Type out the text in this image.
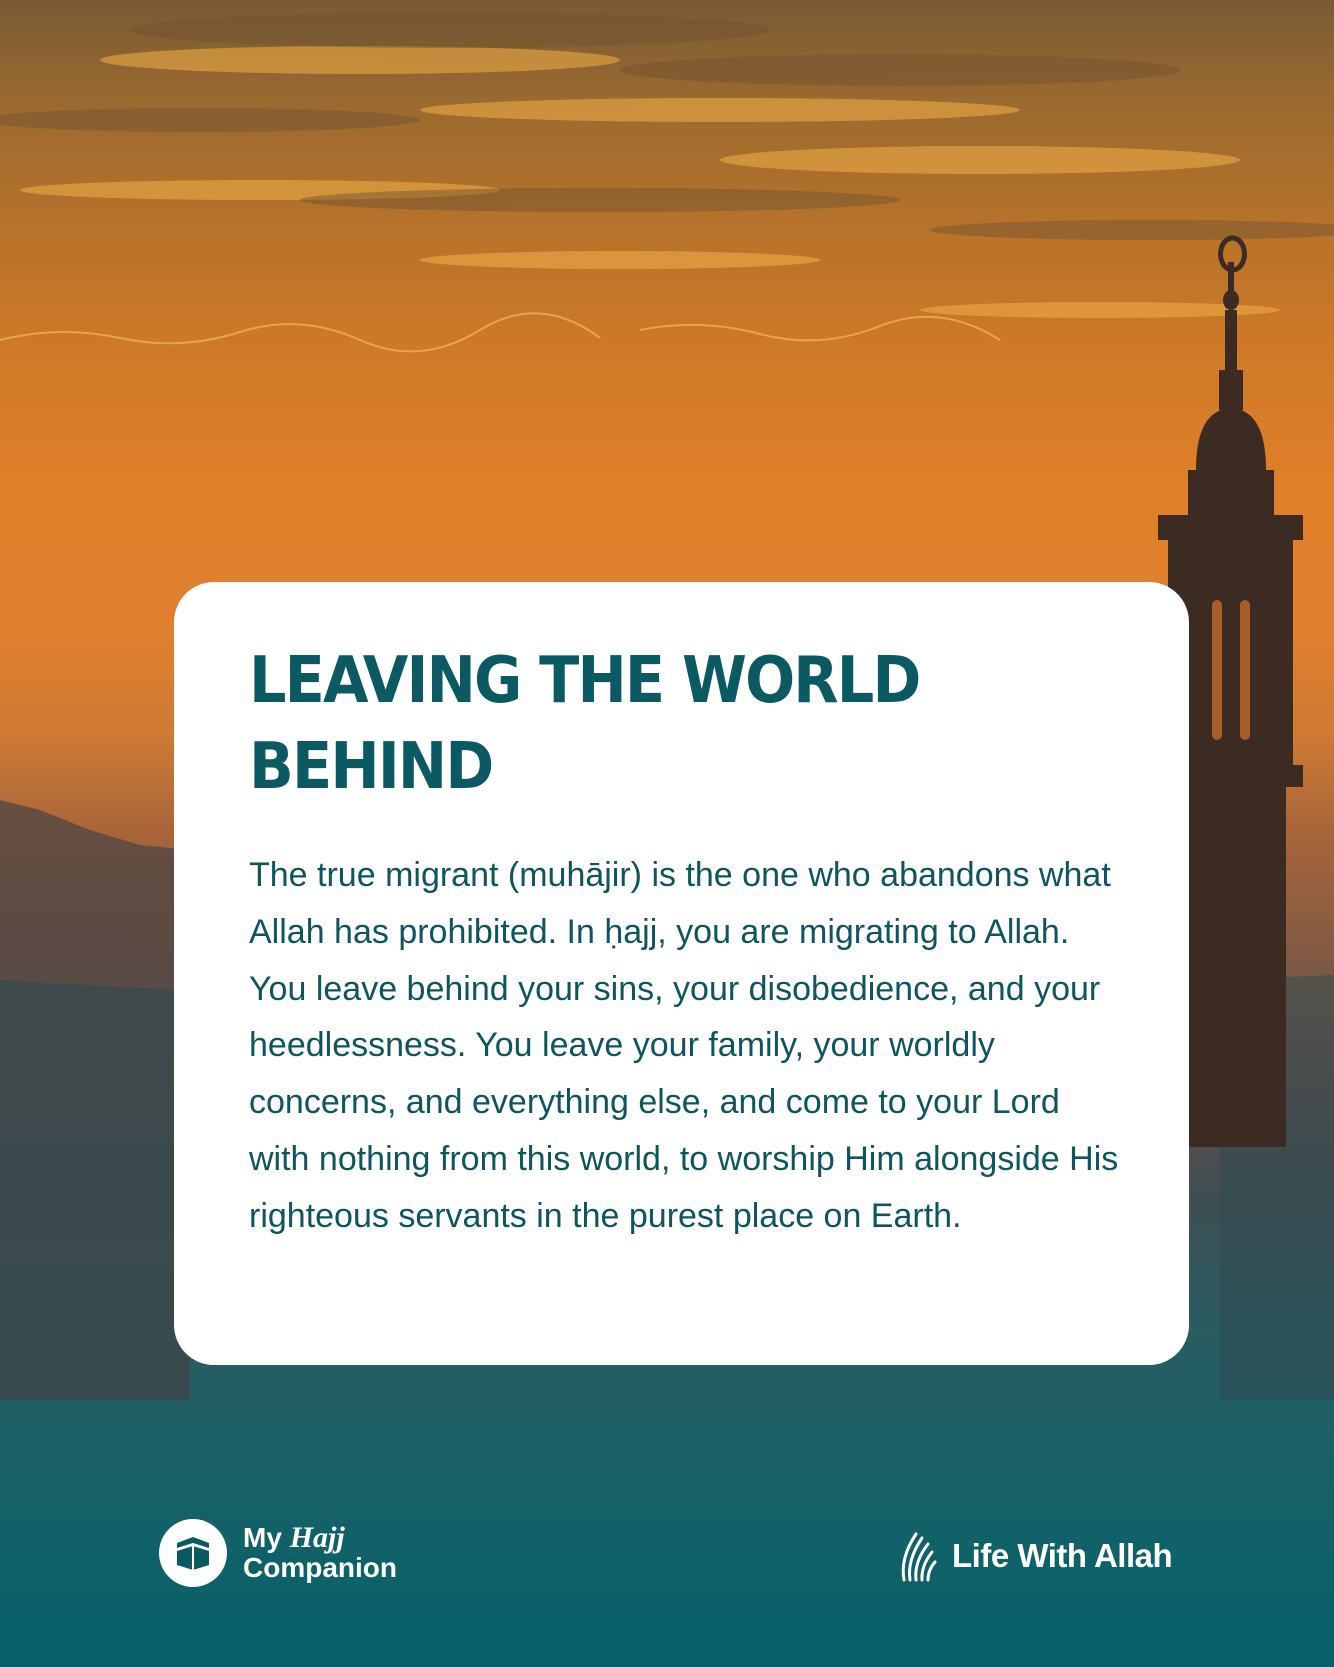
LEAVING THE WORLD BEHIND

The true migrant (muhājir) is the one who abandons what Allah has prohibited. In ḥajj, you are migrating to Allah. You leave behind your sins, your disobedience, and your heedlessness. You leave your family, your worldly concerns, and everything else, and come to your Lord with nothing from this world, to worship Him alongside His righteous servants in the purest place on Earth.

My Hajj
Companion	Life With Allah
